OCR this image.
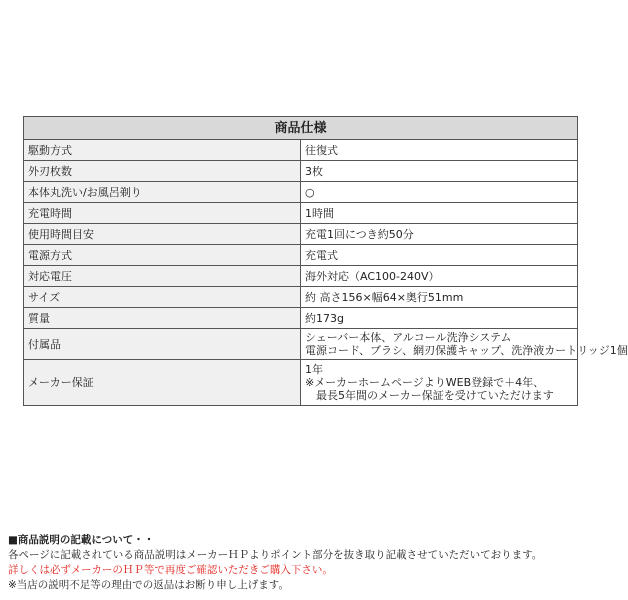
商品仕様	
駆動方式	往復式
外刃枚数	3枚
本体丸洗い/お風呂剃り	○
充電時間	1時間
使用時間目安	充電1回につき約50分
電源方式	充電式
対応電圧	海外対応（AC100-240V）
サイズ	約 高さ156×幅64×奥行51mm
質量	約173g
付属品	シェーバー本体、アルコール洗浄システム
電源コード、ブラシ、網刃保護キャップ、洗浄液カートリッジ1個

メーカー保証	1年
※メーカーホームページよりWEB登録で＋4年、
　最長5年間のメーカー保証を受けていただけます
■商品説明の記載について・・
各ページに記載されている商品説明はメーカーＨＰよりポイント部分を抜き取り記載させていただいております。
詳しくは必ずメーカーのＨＰ等で再度ご確認いただきご購入下さい。
※当店の説明不足等の理由での返品はお断り申し上げます。
